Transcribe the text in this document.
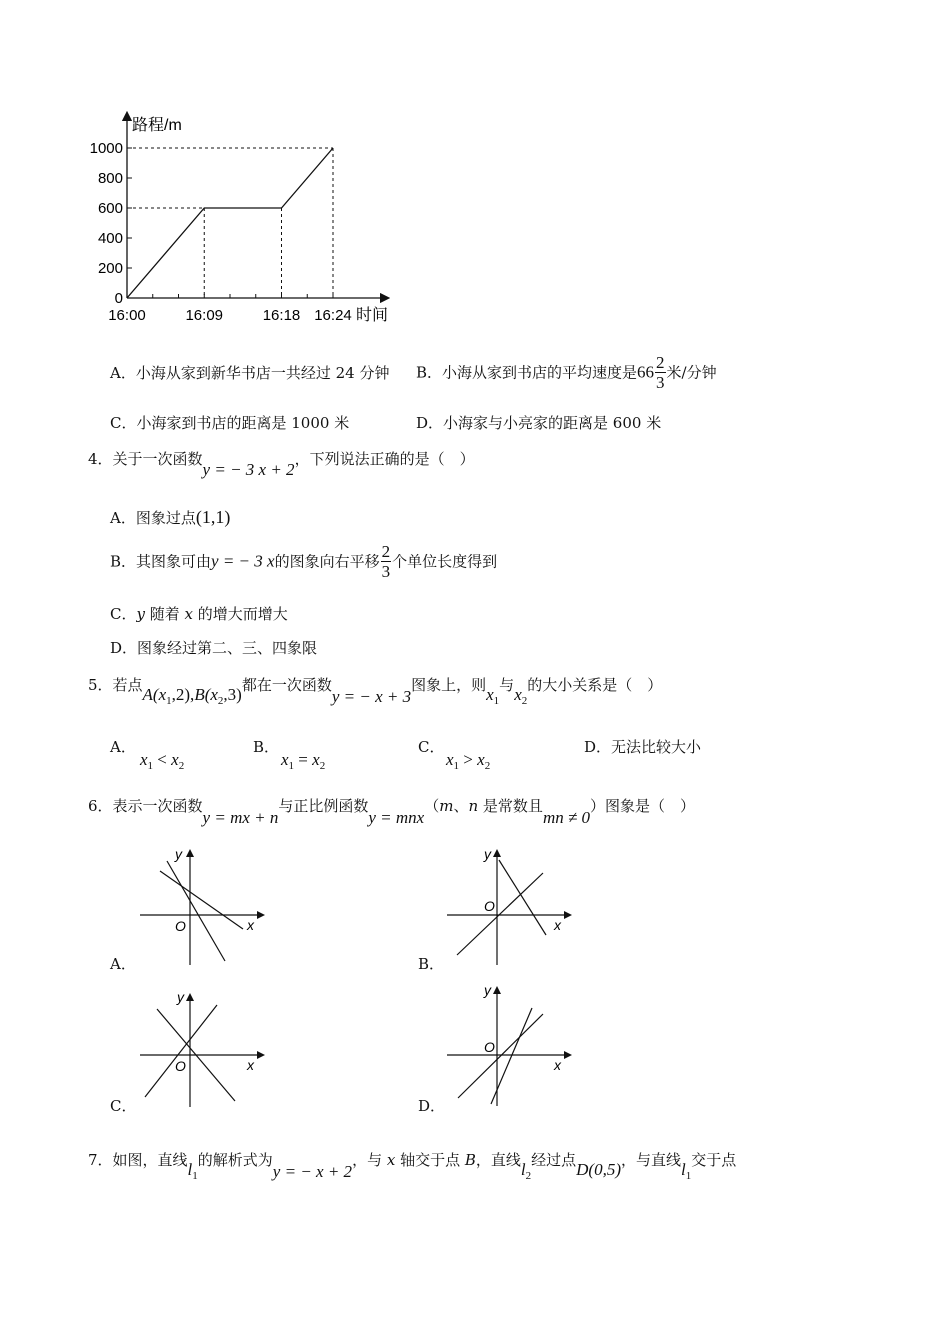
路程/m
时间
0
200
400
600
800
1000
16:00	16:09	16:18 16:24
A．小海从家到新华书店一共经过 24 分钟 B．小海从家到书店的平均速度是$66 \frac{2}{3}$ 米/分钟
C．小海家到书店的距离是 1000 米	D．小海家与小亮家的距离是 600 米
4．关于一次函数y = − 3 x + 2，下列说法正确的是（　）
A．图象过点(1,1)
B．其图象可由y = − 3 x的图象向右平移 $\frac{2}{3}$ 个单位长度得到
C．y 随着 x 的增大而增大
D．图象经过第二、三、四象限
5．若点$A(x_1,2),B(x_2,3)$都在一次函数y = − x + 3图象上，则$x_1$与$x_2$的大小关系是（　）
A．
$x_1 < x_2$
B．
$x_1 = x_2$
C．
$x_1 > x_2$
D．无法比较大小
6．表示一次函数y = mx + n与正比例函数y = mnx（m、n 是常数且mn ≠ 0）图象是（　）
y
x
O
A．
y
x
O
B．
y
x
O
C．
y
x
O
D．
7．如图，直线$l_1$的解析式为y = − x + 2，与 x 轴交于点 B，直线$l_2$经过点D(0,5)，与直线$l_1$交于点
